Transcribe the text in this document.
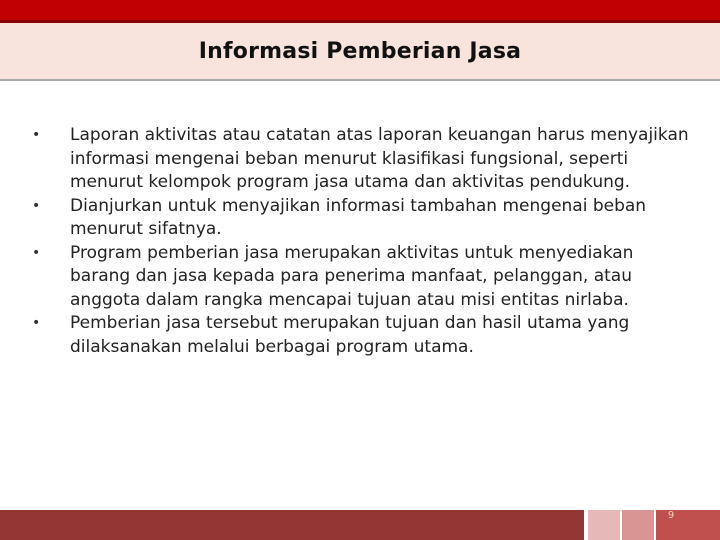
Informasi Pemberian Jasa
•	Laporan aktivitas atau catatan atas laporan keuangan harus menyajikan informasi mengenai beban menurut klasifikasi fungsional, seperti menurut kelompok program jasa utama dan aktivitas pendukung.
•	Dianjurkan untuk menyajikan informasi tambahan mengenai beban menurut sifatnya.
•	Program pemberian jasa merupakan aktivitas untuk menyediakan barang dan jasa kepada para penerima manfaat, pelanggan, atau anggota dalam rangka mencapai tujuan atau misi entitas nirlaba.
•	Pemberian jasa tersebut merupakan tujuan dan hasil utama yang dilaksanakan melalui berbagai program utama.
9
